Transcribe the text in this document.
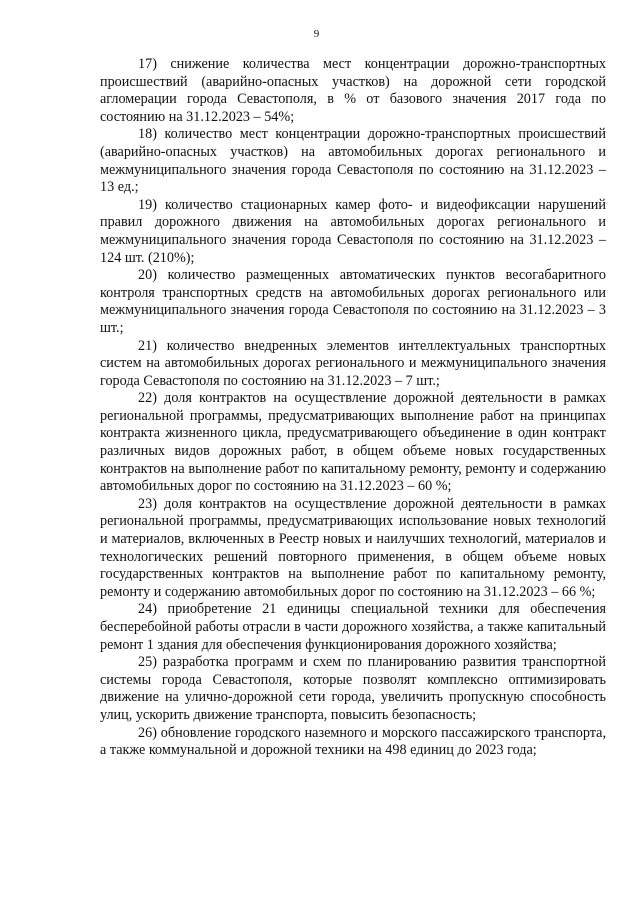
9

17) снижение количества мест концентрации дорожно-транспортных происшествий (аварийно-опасных участков) на дорожной сети городской агломерации города Севастополя, в % от базового значения 2017 года по состоянию на 31.12.2023 – 54%;

18) количество мест концентрации дорожно-транспортных происшествий (аварийно-опасных участков) на автомобильных дорогах регионального и межмуниципального значения города Севастополя по состоянию на 31.12.2023 – 13 ед.;

19) количество стационарных камер фото- и видеофиксации нарушений правил дорожного движения на автомобильных дорогах регионального и межмуниципального значения города Севастополя по состоянию на 31.12.2023 – 124 шт. (210%);

20) количество размещенных автоматических пунктов весогабаритного контроля транспортных средств на автомобильных дорогах регионального или межмуниципального значения города Севастополя по состоянию на 31.12.2023 – 3 шт.;

21) количество внедренных элементов интеллектуальных транспортных систем на автомобильных дорогах регионального и межмуниципального значения города Севастополя по состоянию на 31.12.2023 – 7 шт.;

22) доля контрактов на осуществление дорожной деятельности в рамках региональной программы, предусматривающих выполнение работ на принципах контракта жизненного цикла, предусматривающего объединение в один контракт различных видов дорожных работ, в общем объеме новых государственных контрактов на выполнение работ по капитальному ремонту, ремонту и содержанию автомобильных дорог по состоянию на 31.12.2023 – 60 %;

23) доля контрактов на осуществление дорожной деятельности в рамках региональной программы, предусматривающих использование новых технологий и материалов, включенных в Реестр новых и наилучших технологий, материалов и технологических решений повторного применения, в общем объеме новых государственных контрактов на выполнение работ по капитальному ремонту, ремонту и содержанию автомобильных дорог по состоянию на 31.12.2023 – 66 %;

24) приобретение 21 единицы специальной техники для обеспечения бесперебойной работы отрасли в части дорожного хозяйства, а также капитальный ремонт 1 здания для обеспечения функционирования дорожного хозяйства;

25) разработка программ и схем по планированию развития транспортной системы города Севастополя, которые позволят комплексно оптимизировать движение на улично-дорожной сети города, увеличить пропускную способность улиц, ускорить движение транспорта, повысить безопасность;

26) обновление городского наземного и морского пассажирского транспорта, а также коммунальной и дорожной техники на 498 единиц до 2023 года;
